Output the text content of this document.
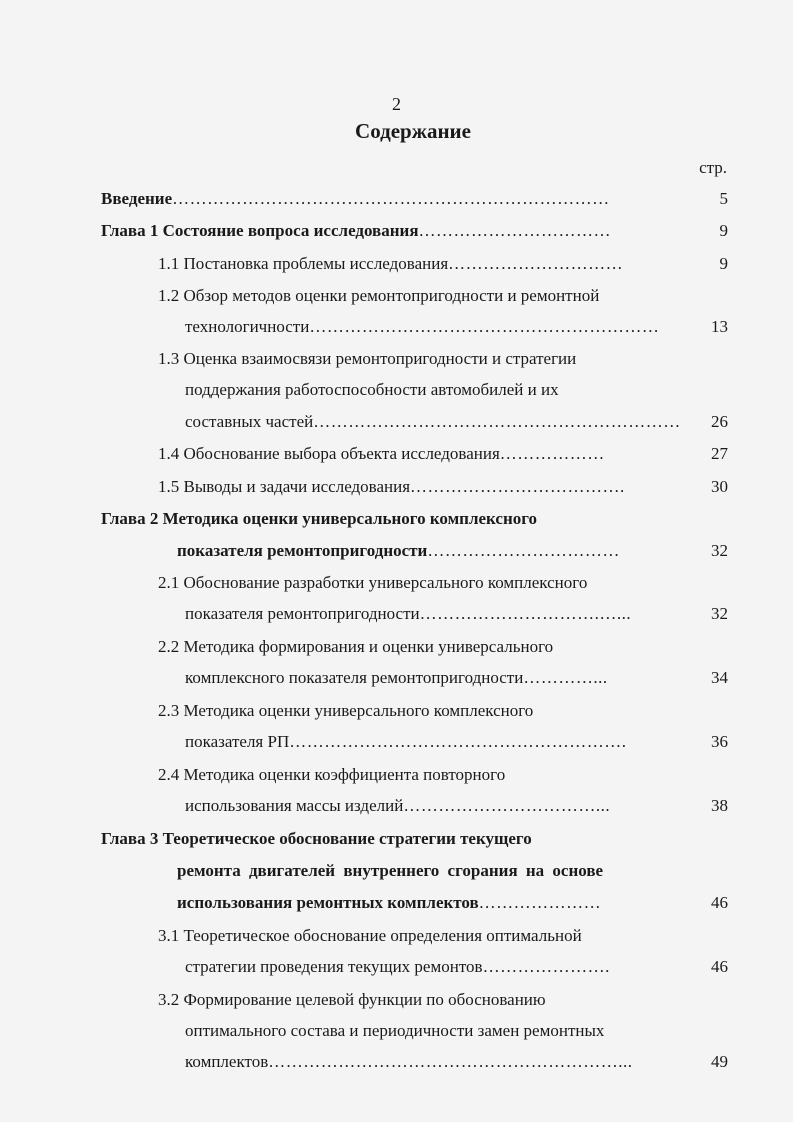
2
Содержание
стр.
Введение…………………………………………………………………	5
Глава 1 Состояние вопроса исследования……………………………	9
1.1 Постановка проблемы исследования…………………………	9
1.2 Обзор методов оценки ремонтопригодности и ремонтной
технологичности……………………………………………………	13
1.3 Оценка взаимосвязи ремонтопригодности и стратегии
поддержания работоспособности автомобилей и их
составных частей………………………………………………………	26
1.4 Обоснование выбора объекта исследования………………	27
1.5 Выводы и задачи исследования……………………………….	30
Глава 2 Методика оценки универсального комплексного
показателя ремонтопригодности……………………………	32
2.1 Обоснование разработки универсального комплексного
показателя ремонтопригодности………………………….…...	32
2.2 Методика формирования и оценки универсального
комплексного показателя ремонтопригодности…………...	34
2.3 Методика оценки универсального комплексного
показателя РП………………………………………………….	36
2.4 Методика оценки коэффициента повторного
использования массы изделий……………………………...	38
Глава 3 Теоретическое обоснование стратегии текущего
ремонта двигателей внутреннего сгорания на основе
использования ремонтных комплектов…………………	46
3.1 Теоретическое обоснование определения оптимальной
стратегии проведения текущих ремонтов………………….	46
3.2 Формирование целевой функции по обоснованию
оптимального состава и периодичности замен ремонтных
комплектов……………………………………………………...	49
